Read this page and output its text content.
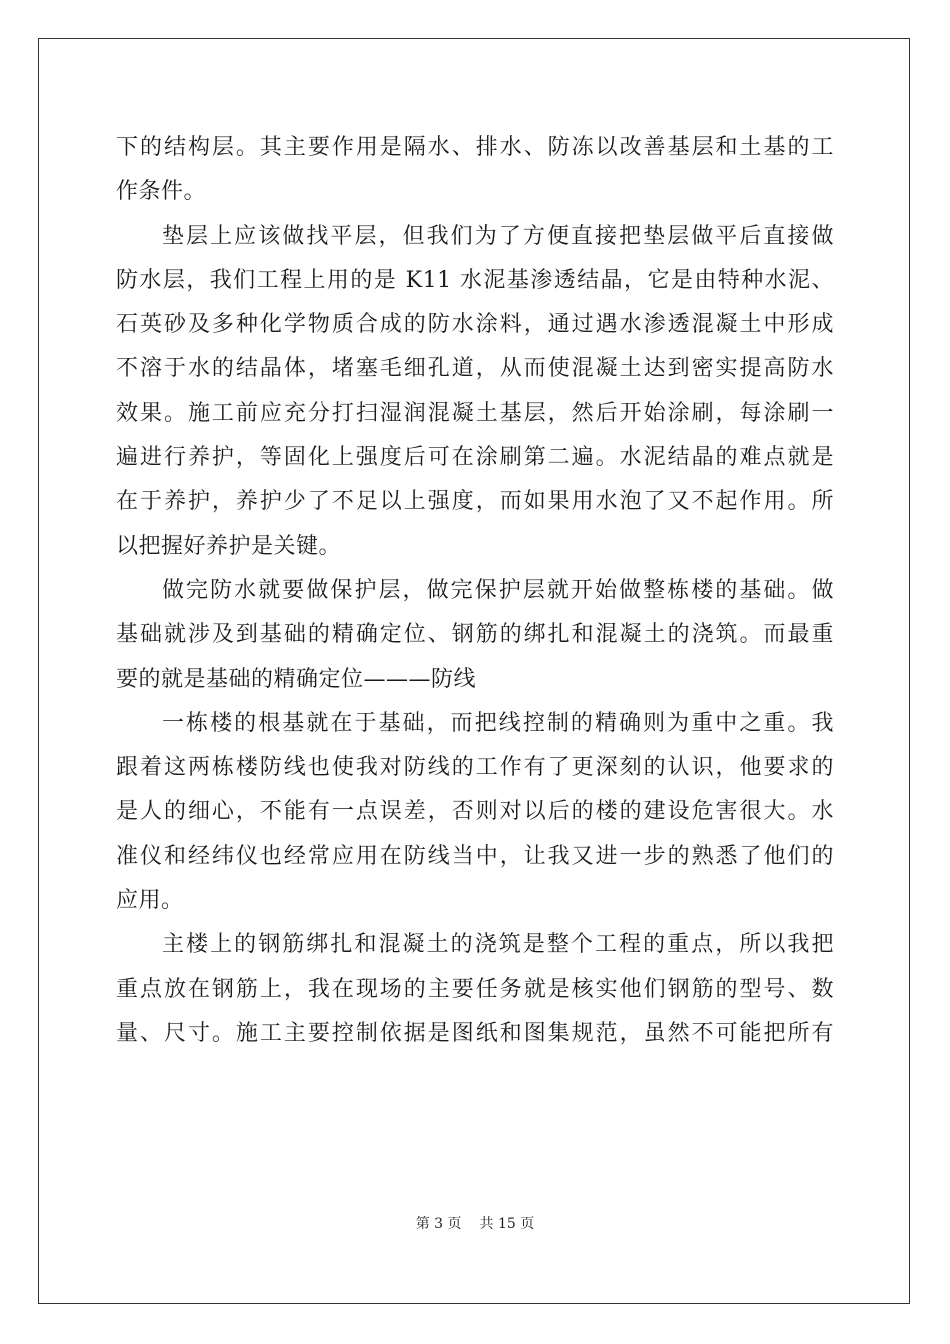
下的结构层。其主要作用是隔水、排水、防冻以改善基层和土基的工
作条件。
垫层上应该做找平层，但我们为了方便直接把垫层做平后直接做
防水层，我们工程上用的是 K11 水泥基渗透结晶，它是由特种水泥、
石英砂及多种化学物质合成的防水涂料，通过遇水渗透混凝土中形成
不溶于水的结晶体，堵塞毛细孔道，从而使混凝土达到密实提高防水
效果。施工前应充分打扫湿润混凝土基层，然后开始涂刷，每涂刷一
遍进行养护，等固化上强度后可在涂刷第二遍。水泥结晶的难点就是
在于养护，养护少了不足以上强度，而如果用水泡了又不起作用。所
以把握好养护是关键。
做完防水就要做保护层，做完保护层就开始做整栋楼的基础。做
基础就涉及到基础的精确定位、钢筋的绑扎和混凝土的浇筑。而最重
要的就是基础的精确定位———防线
一栋楼的根基就在于基础，而把线控制的精确则为重中之重。我
跟着这两栋楼防线也使我对防线的工作有了更深刻的认识，他要求的
是人的细心，不能有一点误差，否则对以后的楼的建设危害很大。水
准仪和经纬仪也经常应用在防线当中，让我又进一步的熟悉了他们的
应用。
主楼上的钢筋绑扎和混凝土的浇筑是整个工程的重点，所以我把
重点放在钢筋上，我在现场的主要任务就是核实他们钢筋的型号、数
量、尺寸。施工主要控制依据是图纸和图集规范，虽然不可能把所有
第 3 页 共 15 页
